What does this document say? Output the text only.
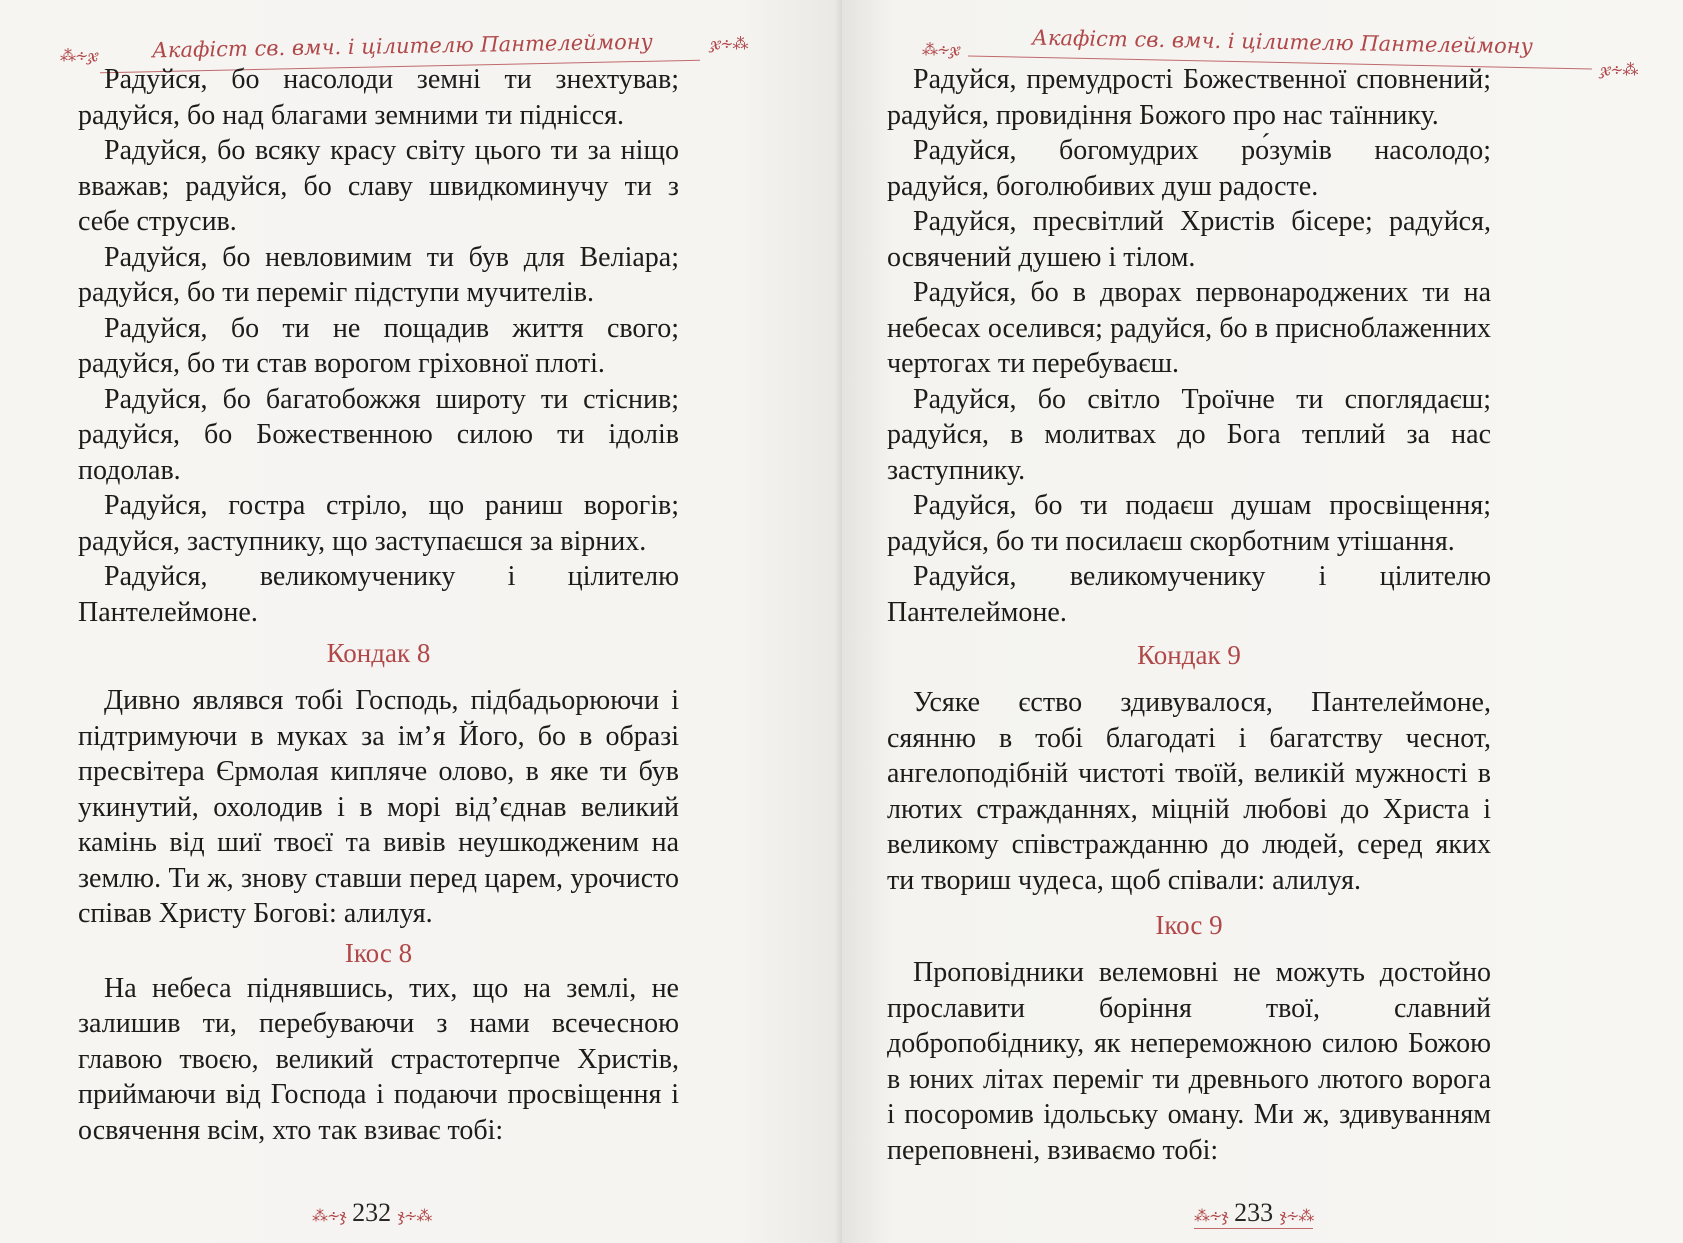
⁂∻ჯ	Акафіст св. вмч. і цілителю Пантелеймону	ჯ∻⁂

Радуйся, бо насолоди земні ти знехтував; радуйся, бо над благами земними ти піднісся.

Радуйся, бо всяку красу світу цього ти за ніщо вважав; радуйся, бо славу швидкоминучу ти з себе струсив.

Радуйся, бо невловимим ти був для Веліара; радуйся, бо ти переміг підступи мучителів.

Радуйся, бо ти не пощадив життя свого; радуйся, бо ти став ворогом гріховної плоті.

Радуйся, бо багатобожжя широту ти стіснив; радуйся, бо Божественною силою ти ідолів подолав.

Радуйся, гостра стріло, що раниш ворогів; радуйся, заступнику, що заступаєшся за вірних.

Радуйся, великомученику і цілителю Пантелеймоне.

Кондак 8

Дивно являвся тобі Господь, підбадьорюючи і підтримуючи в муках за ім’я Його, бо в образі пресвітера Єрмолая кипляче олово, в яке ти був укинутий, охолодив і в морі від’єднав великий камінь від шиї твоєї та вивів неушкодженим на землю. Ти ж, знову ставши перед царем, урочисто співав Христу Богові: алилуя.

Ікос 8

На небеса піднявшись, тих, що на землі, не залишив ти, перебуваючи з нами всечесною главою твоєю, великий страстотерпче Христів, приймаючи від Господа і подаючи просвіщення і освячення всім, хто так взиває тобі:

⁂∻ჯ 232 ჯ∻⁂
⁂∻ჯ	Акафіст св. вмч. і цілителю Пантелеймону
ჯ∻⁂

Радуйся, премудрості Божественної сповнений; радуйся, провидіння Божого про нас таїннику.

Радуйся, богомудрих ро́зумів насолодо; радуйся, боголюбивих душ радосте.

Радуйся, пресвітлий Христів бісере; радуйся, освячений душею і тілом.

Радуйся, бо в дворах первонароджених ти на небесах оселився; радуйся, бо в присноблаженних чертогах ти перебуваєш.

Радуйся, бо світло Троїчне ти споглядаєш; радуйся, в молитвах до Бога теплий за нас заступнику.

Радуйся, бо ти подаєш душам просвіщення; радуйся, бо ти посилаєш скорботним утішання.

Радуйся, великомученику і цілителю Пантелеймоне.

Кондак 9

Усяке єство здивувалося, Пантелеймоне, сяянню в тобі благодаті і багатству чеснот, ангелоподібній чистоті твоїй, великій мужності в лютих стражданнях, міцній любові до Христа і великому співстражданню до людей, серед яких ти твориш чудеса, щоб співали: алилуя.

Ікос 9

Проповідники велемовні не можуть достойно прославити боріння твої, славний добропобіднику, як непереможною силою Божою в юних літах переміг ти древнього лютого ворога і посоромив ідольську оману. Ми ж, здивуванням переповнені, взиваємо тобі:

⁂∻ჯ 233 ჯ∻⁂
